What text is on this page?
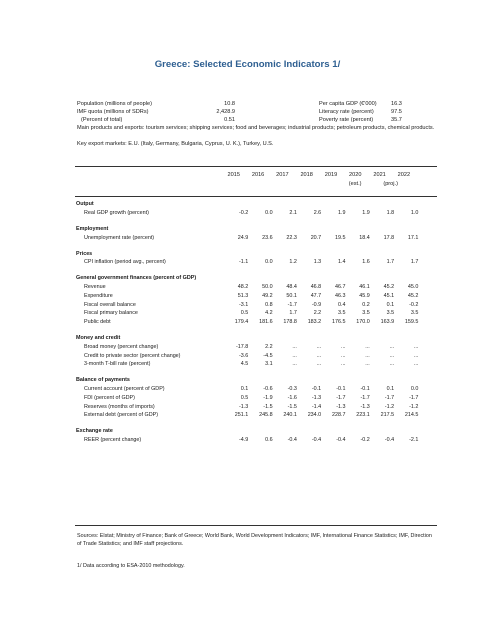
Greece: Selected Economic Indicators 1/
Population (millions of people)	10.8	Per capita GDP (€'000)	16.3
IMF quota (millions of SDRs)	2,428.9	Literacy rate (percent)	97.5
(Percent of total)	0.51	Poverty rate (percent)	35.7
Main products and exports: tourism services; shipping services; food and beverages; industrial products; petroleum products, chemical products.
Key export markets: E.U. (Italy, Germany, Bulgaria, Cyprus, U. K.), Turkey, U.S.
2015	2016	2017	2018	2019	2020	2021	2022
(est.)	(proj.)
Output								
Real GDP growth (percent)	-0.2	0.0	2.1	2.6	1.9	1.9	1.8	1.0

Employment								
Unemployment rate (percent)	24.9	23.6	22.3	20.7	19.5	18.4	17.8	17.1

Prices								
CPI inflation (period avg., percent)	-1.1	0.0	1.2	1.3	1.4	1.6	1.7	1.7

General government finances (percent of GDP)								
Revenue	48.2	50.0	48.4	46.8	46.7	46.1	45.2	45.0
Expenditure	51.3	49.2	50.1	47.7	46.3	45.9	45.1	45.2
Fiscal overall balance	-3.1	0.8	-1.7	-0.9	0.4	0.2	0.1	-0.2
Fiscal primary balance	0.5	4.2	1.7	2.2	3.5	3.5	3.5	3.5
Public debt	179.4	181.6	178.8	183.2	176.5	170.0	163.9	159.5

Money and credit								
Broad money (percent change)	-17.8	2.2	...	...	...	...	...	...
Credit to private sector (percent change)	-3.6	-4.5	...	...	...	...	...	...
3-month T-bill rate (percent)	4.5	3.1	...	...	...	...	...	...

Balance of payments								
Current account (percent of GDP)	0.1	-0.6	-0.3	-0.1	-0.1	-0.1	0.1	0.0
FDI (percent of GDP)	0.5	-1.9	-1.6	-1.3	-1.7	-1.7	-1.7	-1.7
Reserves (months of imports)	-1.3	-1.5	-1.5	-1.4	-1.3	-1.3	-1.2	-1.2
External debt (percent of GDP)	251.1	245.8	240.1	234.0	228.7	223.1	217.5	214.5

Exchange rate								
REER (percent change)	-4.9	0.6	-0.4	-0.4	-0.4	-0.2	-0.4	-2.1
Sources: Elstat; Ministry of Finance; Bank of Greece; World Bank, World Development Indicators; IMF, International Finance Statistics; IMF, Direction of Trade Statistics; and IMF staff projections.
1/ Data according to ESA-2010 methodology.
